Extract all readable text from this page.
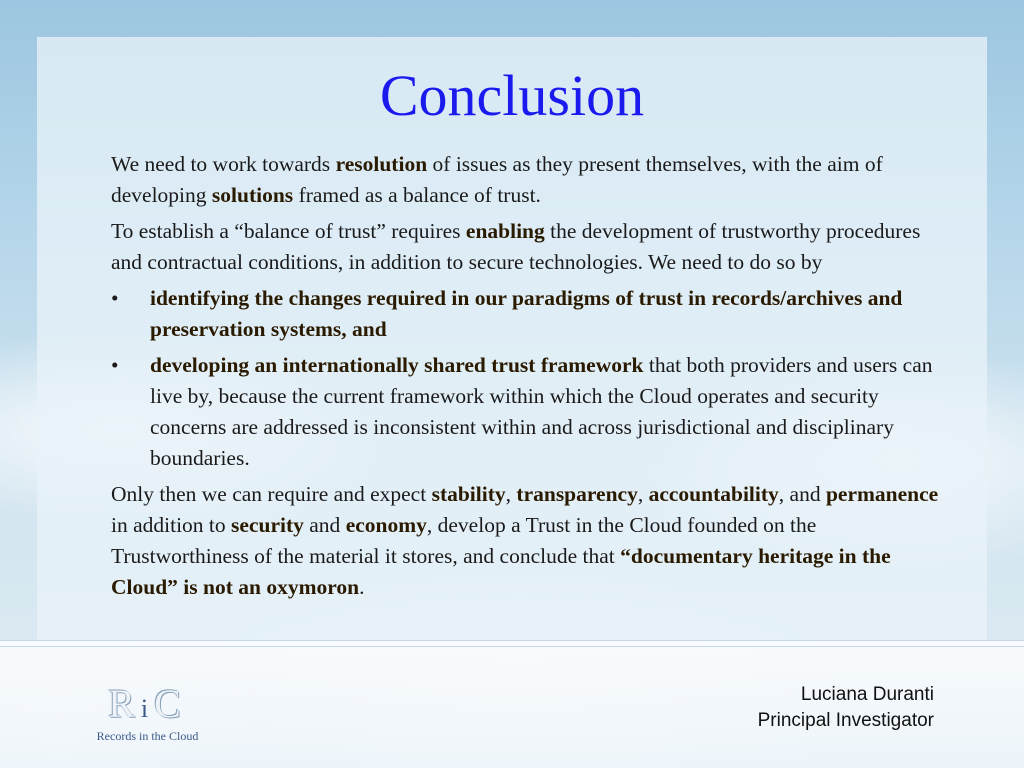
Conclusion

We need to work towards resolution of issues as they present themselves, with the aim of developing solutions framed as a balance of trust.

To establish a “balance of trust” requires enabling the development of trustworthy procedures and contractual conditions, in addition to secure technologies. We need to do so by

• identifying the changes required in our paradigms of trust in records/archives and preservation systems, and
• developing an internationally shared trust framework that both providers and users can live by, because the current framework within which the Cloud operates and security concerns are addressed is inconsistent within and across jurisdictional and disciplinary boundaries.

Only then we can require and expect stability, transparency, accountability, and permanence in addition to security and economy, develop a Trust in the Cloud founded on the Trustworthiness of the material it stores, and conclude that “documentary heritage in the Cloud” is not an oxymoron.

RiC
Records in the Cloud
Luciana Duranti
Principal Investigator
